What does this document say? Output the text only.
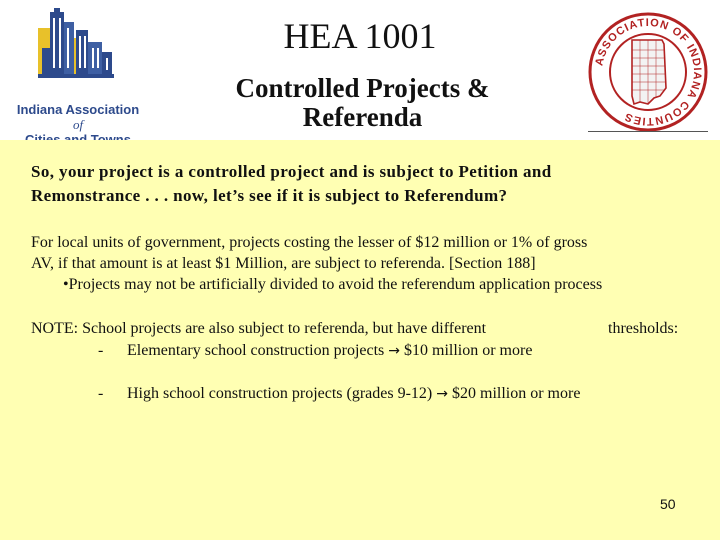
Indiana Association
of
HEA 1001
Controlled Projects &
Referenda
ASSOCIATION OF INDIANA COUNTIES
So, your project is a controlled project and is subject to Petition and
Remonstrance . . . now, let’s see if it is subject to Referendum?
For local units of government, projects costing the lesser of $12 million or 1% of gross
AV, if that amount is at least $1 Million, are subject to referenda. [Section 188]
•Projects may not be artificially divided to avoid the referendum application process
NOTE: School projects are also subject to referenda, but have different	thresholds:
- Elementary school construction projects → $10 million or more
- High school construction projects (grades 9-12) → $20 million or more
50
